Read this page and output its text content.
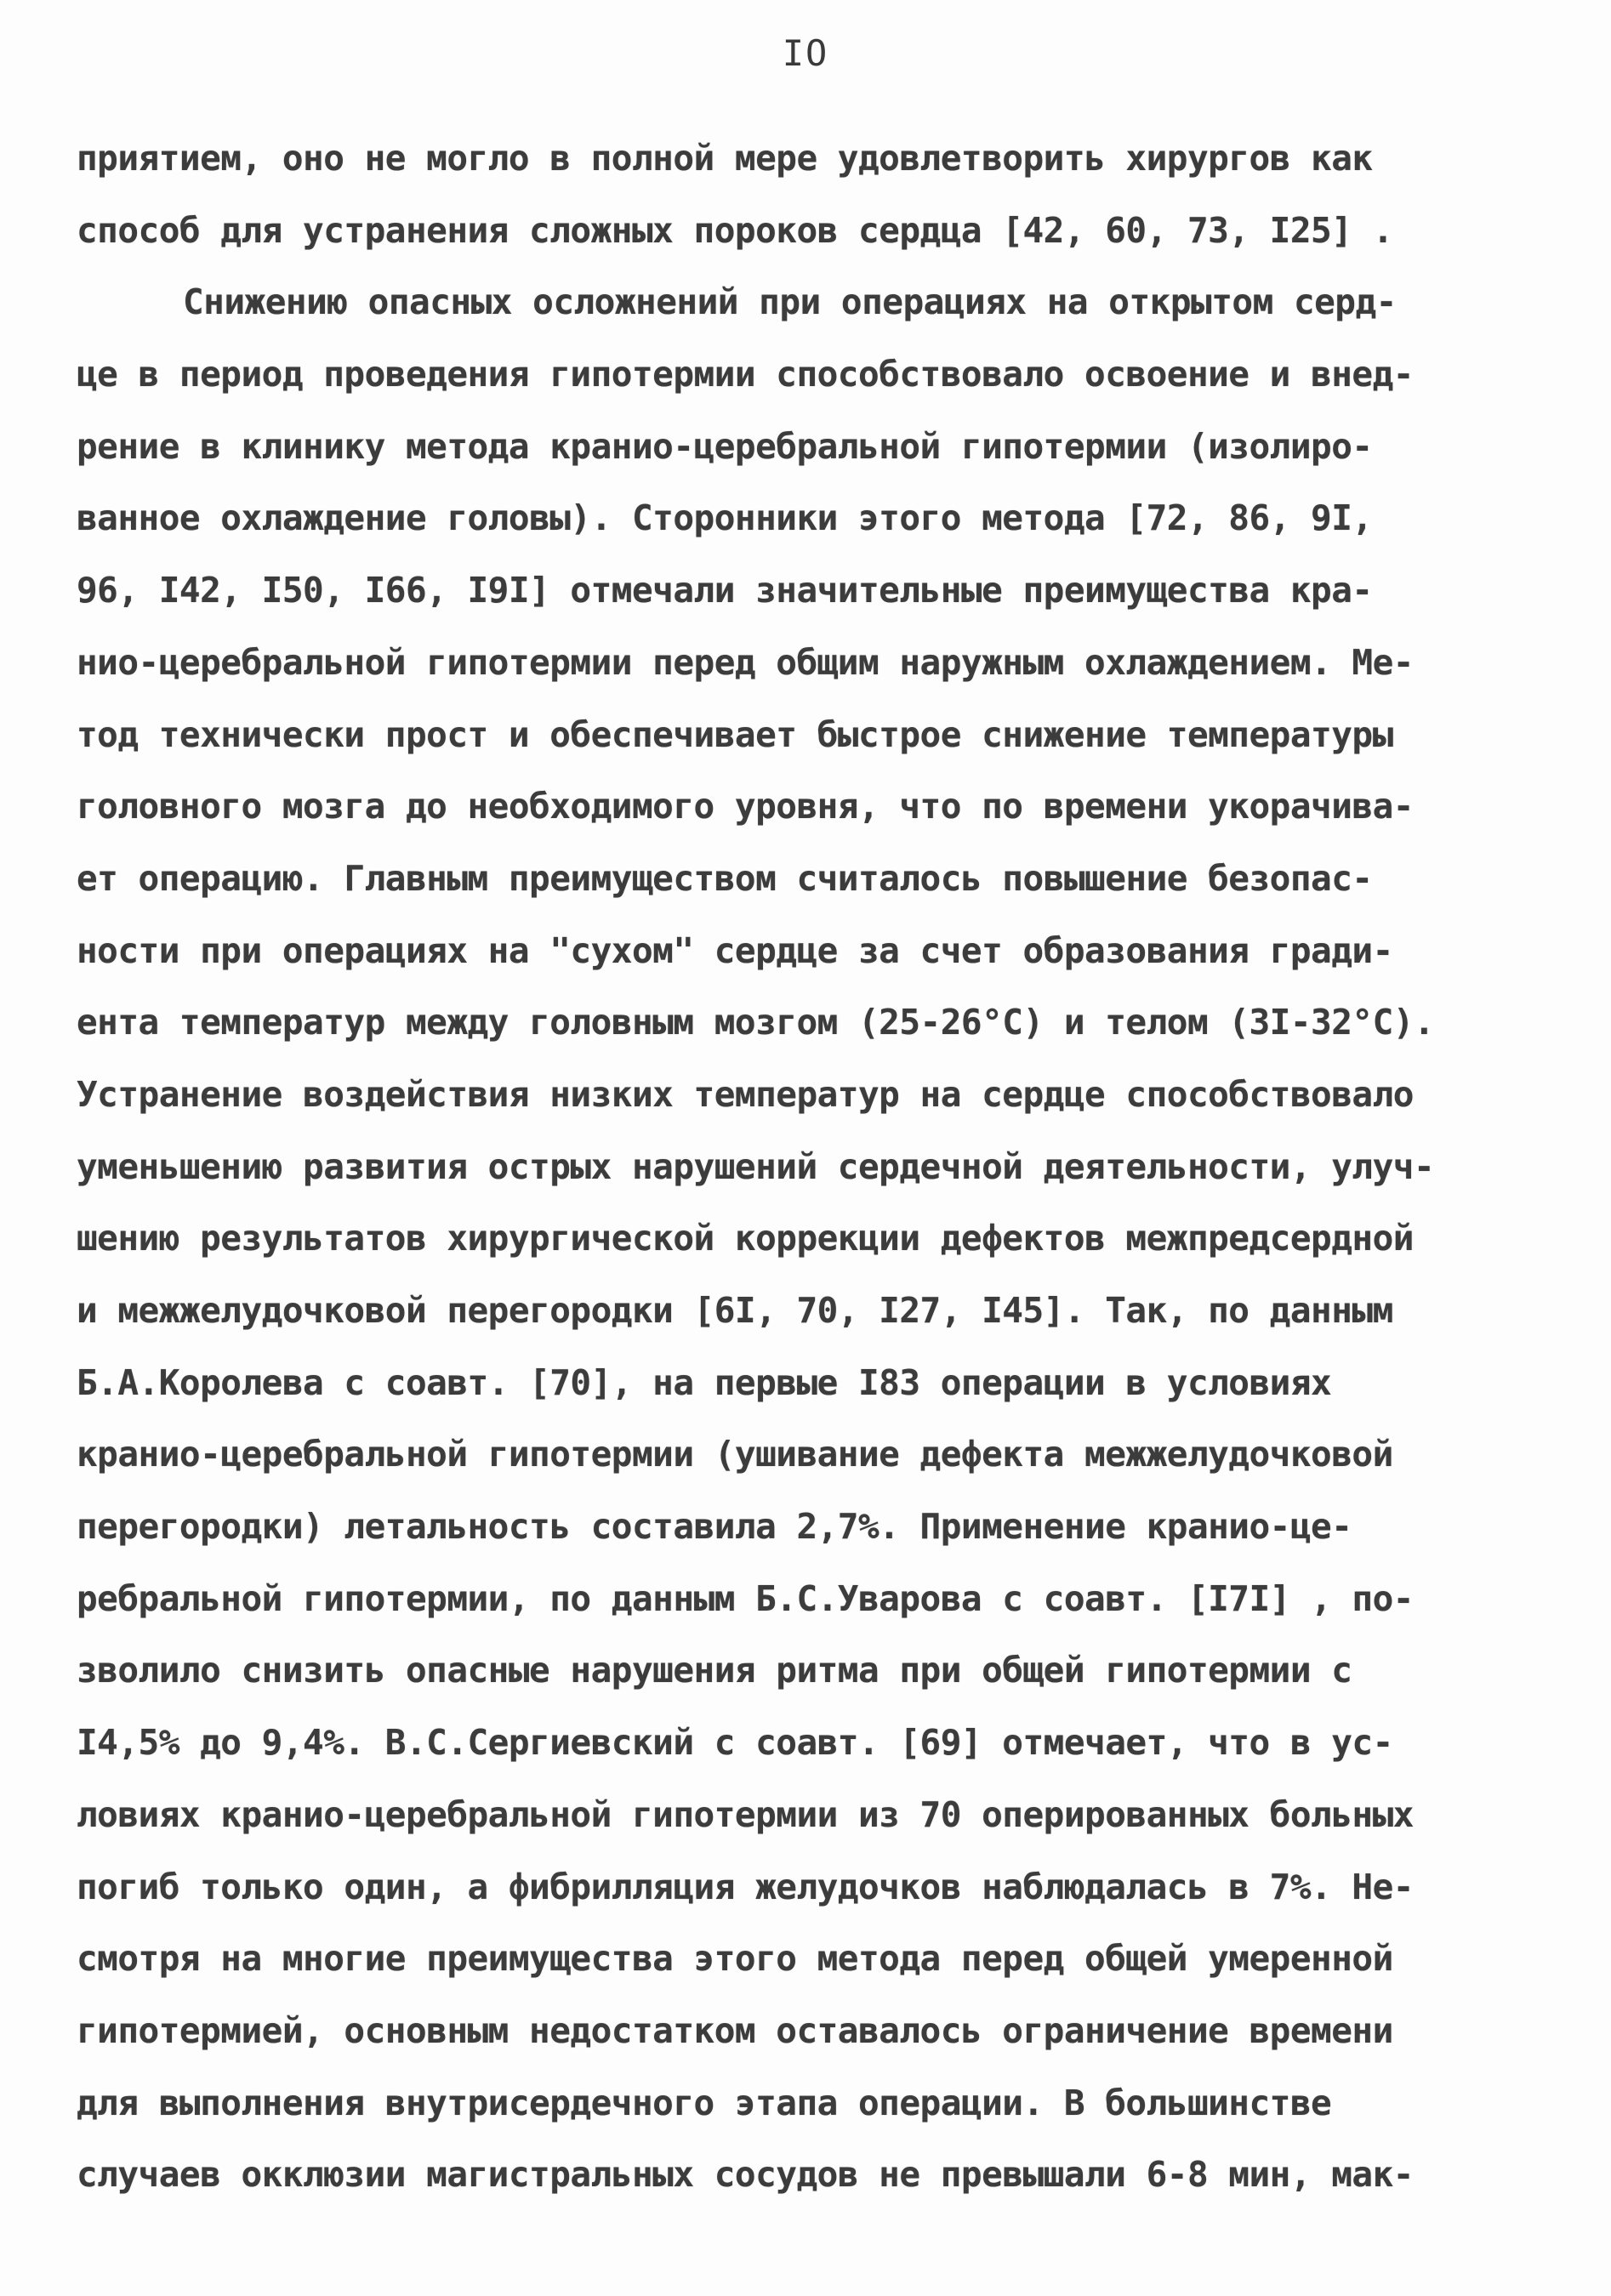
IO
приятием, оно не могло в полной мере удовлетворить хирургов как
способ для устранения сложных пороков сердца [42, 60, 73, I25] .
Снижению опасных осложнений при операциях на открытом серд-
це в период проведения гипотермии способствовало освоение и внед-
рение в клинику метода кранио-церебральной гипотермии (изолиро-
ванное охлаждение головы). Сторонники этого метода [72, 86, 9I,
96, I42, I50, I66, I9I] отмечали значительные преимущества кра-
нио-церебральной гипотермии перед общим наружным охлаждением. Ме-
тод технически прост и обеспечивает быстрое снижение температуры
головного мозга до необходимого уровня, что по времени укорачива-
ет операцию. Главным преимуществом считалось повышение безопас-
ности при операциях на "сухом" сердце за счет образования гради-
ента температур между головным мозгом (25-26°C) и телом (3I-32°C).
Устранение воздействия низких температур на сердце способствовало
уменьшению развития острых нарушений сердечной деятельности, улуч-
шению результатов хирургической коррекции дефектов межпредсердной
и межжелудочковой перегородки [6I, 70, I27, I45]. Так, по данным
Б.А.Королева с соавт. [70], на первые I83 операции в условиях
кранио-церебральной гипотермии (ушивание дефекта межжелудочковой
перегородки) летальность составила 2,7%. Применение кранио-це-
ребральной гипотермии, по данным Б.С.Уварова с соавт. [I7I] , по-
зволило снизить опасные нарушения ритма при общей гипотермии с
I4,5% до 9,4%. В.С.Сергиевский с соавт. [69] отмечает, что в ус-
ловиях кранио-церебральной гипотермии из 70 оперированных больных
погиб только один, а фибрилляция желудочков наблюдалась в 7%. Не-
смотря на многие преимущества этого метода перед общей умеренной
гипотермией, основным недостатком оставалось ограничение времени
для выполнения внутрисердечного этапа операции. В большинстве
случаев окклюзии магистральных сосудов не превышали 6-8 мин, мак-
